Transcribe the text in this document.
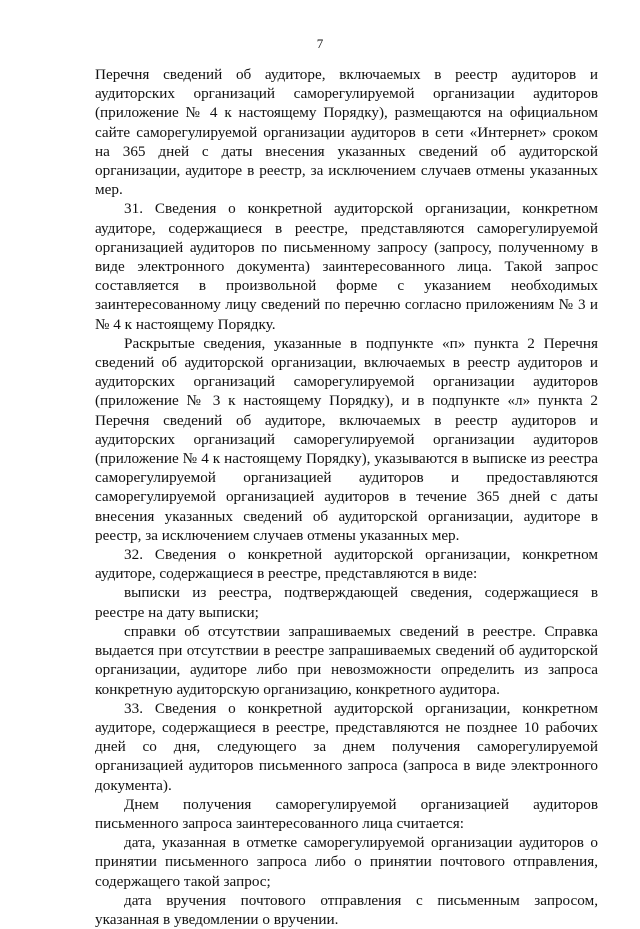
7

Перечня сведений об аудиторе, включаемых в реестр аудиторов и аудиторских организаций саморегулируемой организации аудиторов (приложение № 4 к настоящему Порядку), размещаются на официальном сайте саморегулируемой организации аудиторов в сети «Интернет» сроком на 365 дней с даты внесения указанных сведений об аудиторской организации, аудиторе в реестр, за исключением случаев отмены указанных мер.

31. Сведения о конкретной аудиторской организации, конкретном аудиторе, содержащиеся в реестре, представляются саморегулируемой организацией аудиторов по письменному запросу (запросу, полученному в виде электронного документа) заинтересованного лица. Такой запрос составляется в произвольной форме с указанием необходимых заинтересованному лицу сведений по перечню согласно приложениям № 3 и № 4 к настоящему Порядку.

Раскрытые сведения, указанные в подпункте «п» пункта 2 Перечня сведений об аудиторской организации, включаемых в реестр аудиторов и аудиторских организаций саморегулируемой организации аудиторов (приложение № 3 к настоящему Порядку), и в подпункте «л» пункта 2 Перечня сведений об аудиторе, включаемых в реестр аудиторов и аудиторских организаций саморегулируемой организации аудиторов (приложение № 4 к настоящему Порядку), указываются в выписке из реестра саморегулируемой организацией аудиторов и предоставляются саморегулируемой организацией аудиторов в течение 365 дней с даты внесения указанных сведений об аудиторской организации, аудиторе в реестр, за исключением случаев отмены указанных мер.

32. Сведения о конкретной аудиторской организации, конкретном аудиторе, содержащиеся в реестре, представляются в виде:

выписки из реестра, подтверждающей сведения, содержащиеся в реестре на дату выписки;

справки об отсутствии запрашиваемых сведений в реестре. Справка выдается при отсутствии в реестре запрашиваемых сведений об аудиторской организации, аудиторе либо при невозможности определить из запроса конкретную аудиторскую организацию, конкретного аудитора.

33. Сведения о конкретной аудиторской организации, конкретном аудиторе, содержащиеся в реестре, представляются не позднее 10 рабочих дней со дня, следующего за днем получения саморегулируемой организацией аудиторов письменного запроса (запроса в виде электронного документа).

Днем получения саморегулируемой организацией аудиторов письменного запроса заинтересованного лица считается:

дата, указанная в отметке саморегулируемой организации аудиторов о принятии письменного запроса либо о принятии почтового отправления, содержащего такой запрос;

дата вручения почтового отправления с письменным запросом, указанная в уведомлении о вручении.
